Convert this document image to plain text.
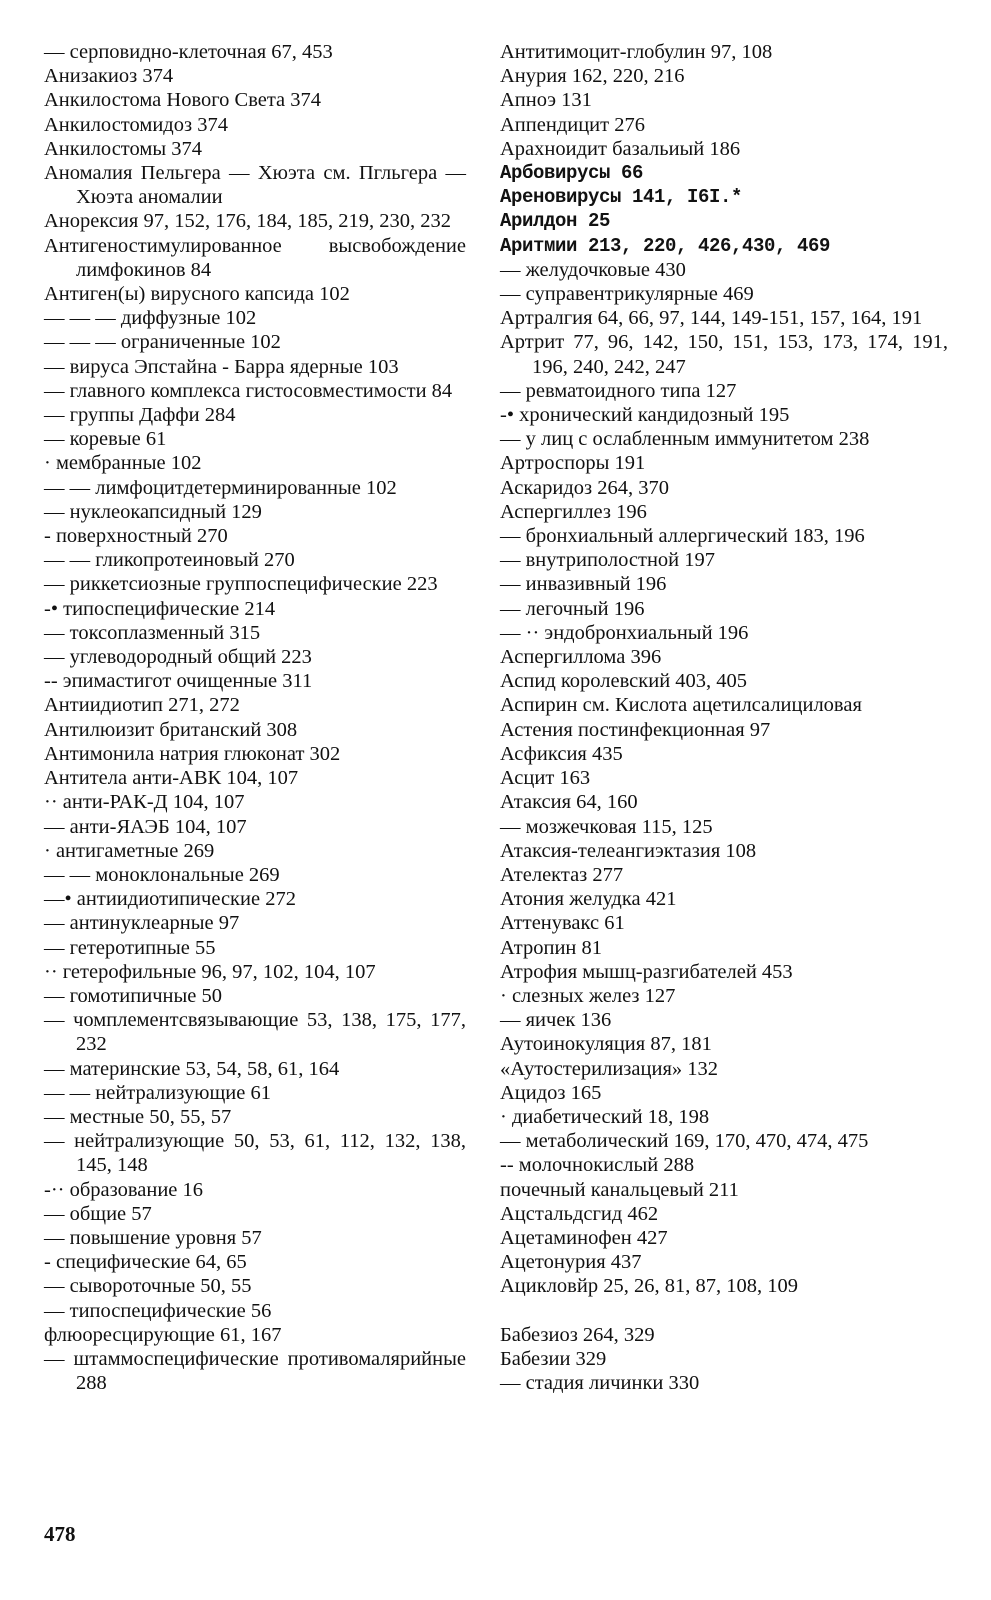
— серповидно-клеточная 67, 453
Анизакиоз 374
Анкилостома Нового Света 374
Анкилостомидоз 374
Анкилостомы 374
Аномалия Пельгера — Хюэта см. Пгльгера — Хюэта аномалии
Анорексия 97, 152, 176, 184, 185, 219, 230, 232
Антигеностимулированное высвобождение лимфокинов 84
Антиген(ы) вирусного капсида 102
— — — диффузные 102
— — — ограниченные 102
— вируса Эпстайна - Барра ядерные 103
— главного комплекса гистосовместимости 84
— группы Даффи 284
— коревые 61
· мембранные 102
— — лимфоцитдетерминированные 102
— нуклеокапсидный 129
- поверхностный 270
— — гликопротеиновый 270
— риккетсиозные группоспецифические 223
-• типоспецифические 214
— токсоплазменный 315
— углеводородный общий 223
-- эпимастигот очищенные 311
Антиидиотип 271, 272
Антилюизит британский 308
Антимонила натрия глюконат 302
Антитела анти-АВК 104, 107
·· анти-РАК-Д 104, 107
— анти-ЯАЭБ 104, 107
· антигаметные 269
— — моноклональные 269
—• антиидиотипические 272
— антинуклеарные 97
— гетеротипные 55
·· гетерофильные 96, 97, 102, 104, 107
— гомотипичные 50
— чомплементсвязывающие 53, 138, 175, 177, 232
— материнские 53, 54, 58, 61, 164
— — нейтрализующие 61
— местные 50, 55, 57
— нейтрализующие 50, 53, 61, 112, 132, 138, 145, 148
-·· образование 16
— общие 57
— повышение уровня 57
- специфические 64, 65
— сывороточные 50, 55
— типоспецифические 56
флюоресцирующие 61, 167
— штаммоспецифические противомалярийные 288
Антитимоцит-глобулин 97, 108
Анурия 162, 220, 216
Апноэ 131
Аппендицит 276
Арахноидит базальиый 186
Арбовирусы 66
Ареновирусы 141, I6I.*
Арилдон 25
Аритмии 213, 220, 426,430, 469
— желудочковые 430
— суправентрикулярные 469
Артралгия 64, 66, 97, 144, 149-151, 157, 164, 191
Артрит 77, 96, 142, 150, 151, 153, 173, 174, 191, 196, 240, 242, 247
— ревматоидного типа 127
-• хронический кандидозный 195
— у лиц с ослабленным иммунитетом 238
Артроспоры 191
Аскаридоз 264, 370
Аспергиллез 196
— бронхиальный аллергический 183, 196
— внутриполостной 197
— инвазивный 196
— легочный 196
— ·· эндобронхиальный 196
Аспергиллома 396
Аспид королевский 403, 405
Аспирин см. Кислота ацетилсалициловая
Астения постинфекционная 97
Асфиксия 435
Асцит 163
Атаксия 64, 160
— мозжечковая 115, 125
Атаксия-телеангиэктазия 108
Ателектаз 277
Атония желудка 421
Аттенувакс 61
Атропин 81
Атрофия мышц-разгибателей 453
· слезных желез 127
— яичек 136
Аутоинокуляция 87, 181
«Аутостерилизация» 132
Ацидоз 165
· диабетический 18, 198
— метаболический 169, 170, 470, 474, 475
-- молочнокислый 288
почечный канальцевый 211
Ацстальдсгид 462
Ацетаминофен 427
Ацетонурия 437
Ацикловйр 25, 26, 81, 87, 108, 109
Бабезиоз 264, 329
Бабезии 329
— стадия личинки 330
478
